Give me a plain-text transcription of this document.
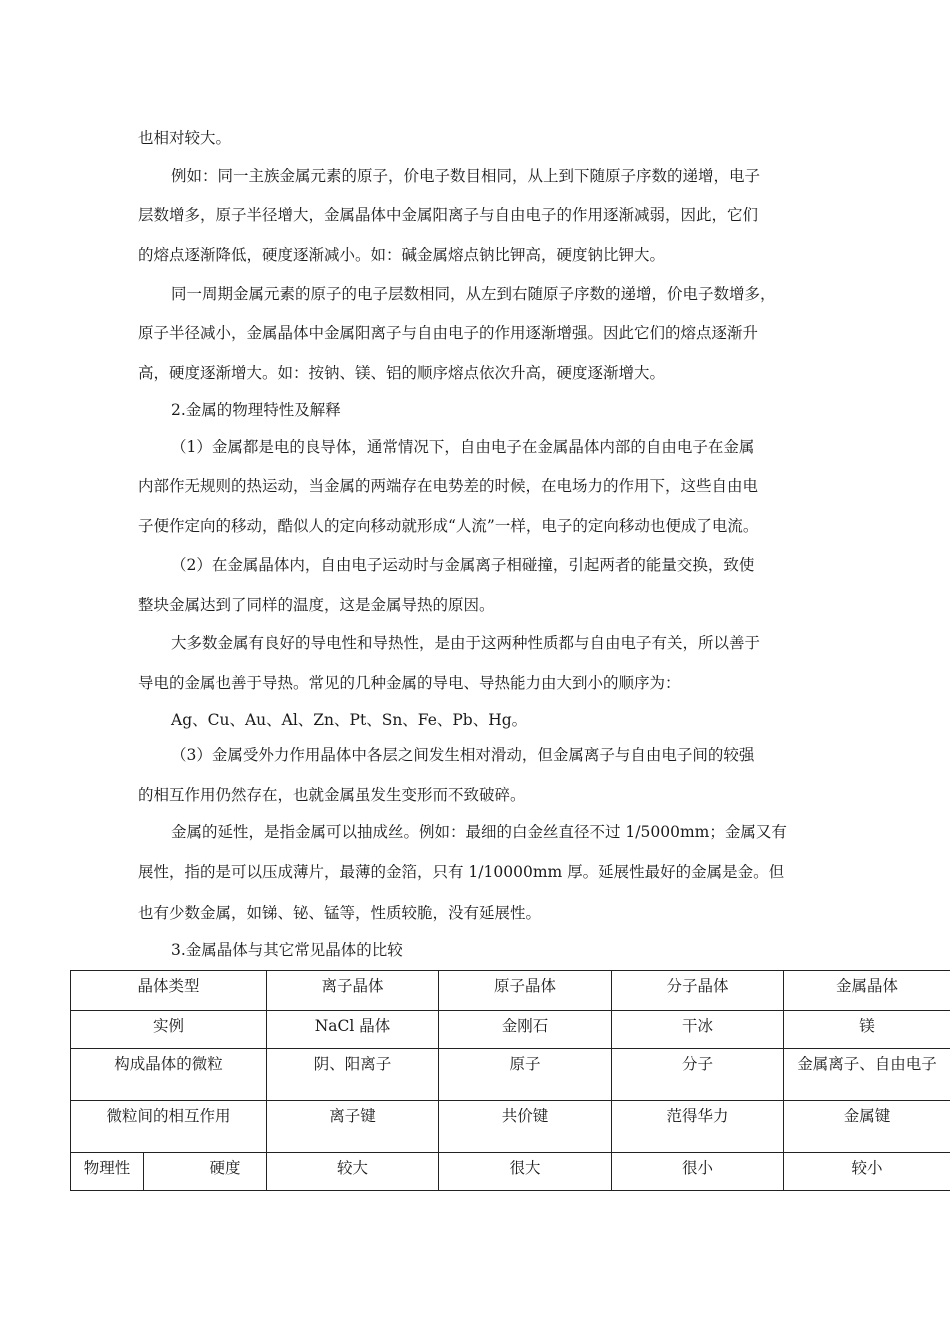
也相对较大。
例如：同一主族金属元素的原子，价电子数目相同，从上到下随原子序数的递增，电子
层数增多，原子半径增大，金属晶体中金属阳离子与自由电子的作用逐渐减弱，因此，它们
的熔点逐渐降低，硬度逐渐减小。如：碱金属熔点钠比钾高，硬度钠比钾大。
同一周期金属元素的原子的电子层数相同，从左到右随原子序数的递增，价电子数增多，
原子半径减小，金属晶体中金属阳离子与自由电子的作用逐渐增强。因此它们的熔点逐渐升
高，硬度逐渐增大。如：按钠、镁、铝的顺序熔点依次升高，硬度逐渐增大。
2.金属的物理特性及解释
（1）金属都是电的良导体，通常情况下，自由电子在金属晶体内部的自由电子在金属
内部作无规则的热运动，当金属的两端存在电势差的时候，在电场力的作用下，这些自由电
子便作定向的移动，酷似人的定向移动就形成“人流”一样，电子的定向移动也便成了电流。
（2）在金属晶体内，自由电子运动时与金属离子相碰撞，引起两者的能量交换，致使
整块金属达到了同样的温度，这是金属导热的原因。
大多数金属有良好的导电性和导热性，是由于这两种性质都与自由电子有关，所以善于
导电的金属也善于导热。常见的几种金属的导电、导热能力由大到小的顺序为：
Ag、Cu、Au、Al、Zn、Pt、Sn、Fe、Pb、Hg。
（3）金属受外力作用晶体中各层之间发生相对滑动，但金属离子与自由电子间的较强
的相互作用仍然存在，也就金属虽发生变形而不致破碎。
金属的延性，是指金属可以抽成丝。例如：最细的白金丝直径不过 1/5000mm；金属又有
展性，指的是可以压成薄片，最薄的金箔，只有 1/10000mm 厚。延展性最好的金属是金。但
也有少数金属，如锑、铋、锰等，性质较脆，没有延展性。
3.金属晶体与其它常见晶体的比较
晶体类型		离子晶体	原子晶体	分子晶体	金属晶体
实例		NaCl 晶体	金刚石	干冰	镁
构成晶体的微粒		阴、阳离子	原子	分子	金属离子、自由电子
微粒间的相互作用		离子键	共价键	范得华力	金属键
物理性	硬度	较大	很大	很小	较小
